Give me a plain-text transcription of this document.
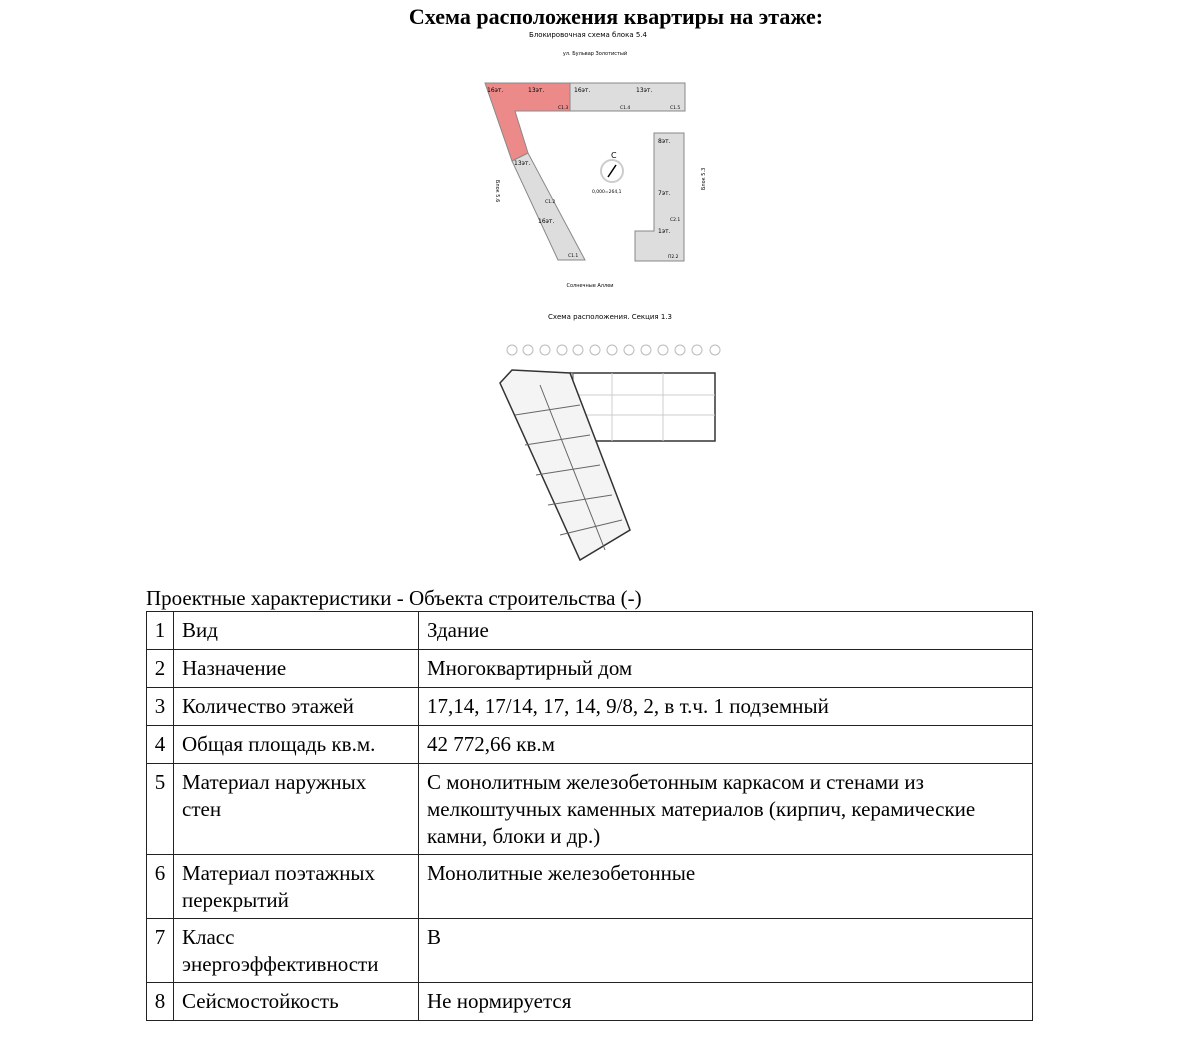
Схема расположения квартиры на этаже:
Блокировочная схема блока 5.4
ул. Бульвар Золотистый
16эт.	13эт.	16эт.	13эт.
13эт.
16эт.
8эт.
7эт.
1эт.
С1.3	С1.4	С1.5
С1.2
С1.1
С2.1
П2.2
С
0,000=264,1
Блок 5.3
Блок 5.6
Солнечные Аллеи
Схема расположения. Секция 1.3
Проектные характеристики - Объекта строительства (-)
1	Вид	Здание
2	Назначение	Многоквартирный дом
3	Количество этажей	17,14, 17/14, 17, 14, 9/8, 2, в т.ч. 1 подземный
4	Общая площадь кв.м.	42 772,66 кв.м
5	Материал наружных стен	С монолитным железобетонным каркасом и стенами из мелкоштучных каменных материалов (кирпич, керамические камни, блоки и др.)
6	Материал поэтажных перекрытий	Монолитные железобетонные
7	Класс энергоэффективности	B
8	Сейсмостойкость	Не нормируется
